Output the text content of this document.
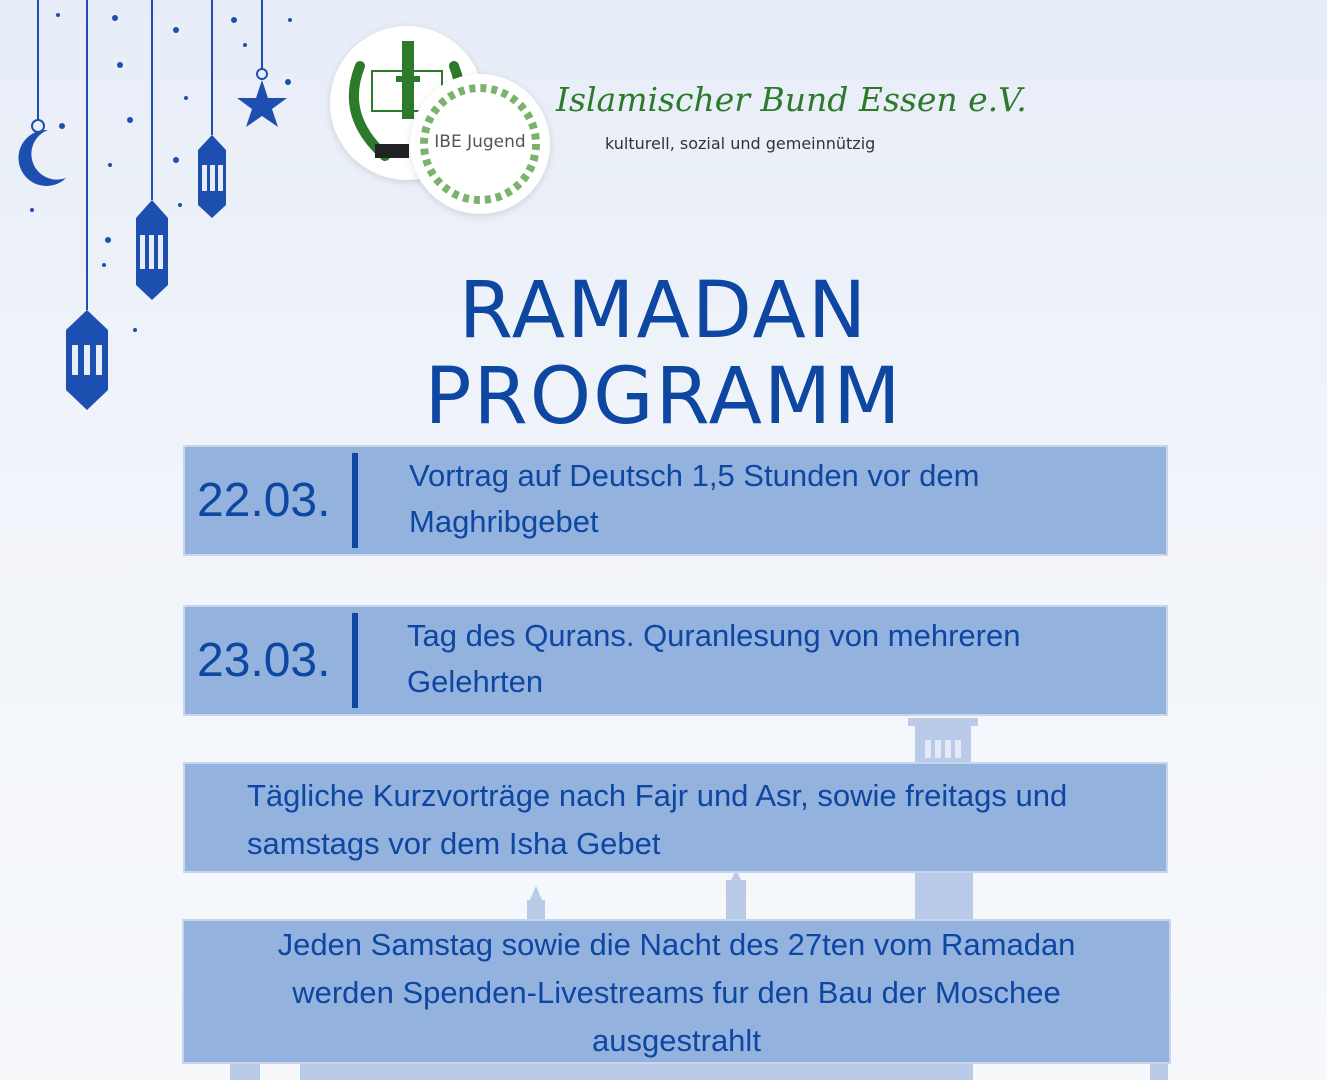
IBE Jugend
Islamischer Bund Essen e.V.
kulturell, sozial und gemeinnützig
RAMADAN
PROGRAMM
22.03.	Vortrag auf Deutsch 1,5 Stunden vor dem Maghribgebet
23.03. Tag des Qurans. Quranlesung von mehreren Gelehrten
Tägliche Kurzvorträge nach Fajr und Asr, sowie freitags und samstags vor dem Isha Gebet
Jeden Samstag sowie die Nacht des 27ten vom Ramadan werden Spenden-Livestreams fur den Bau der Moschee ausgestrahlt
